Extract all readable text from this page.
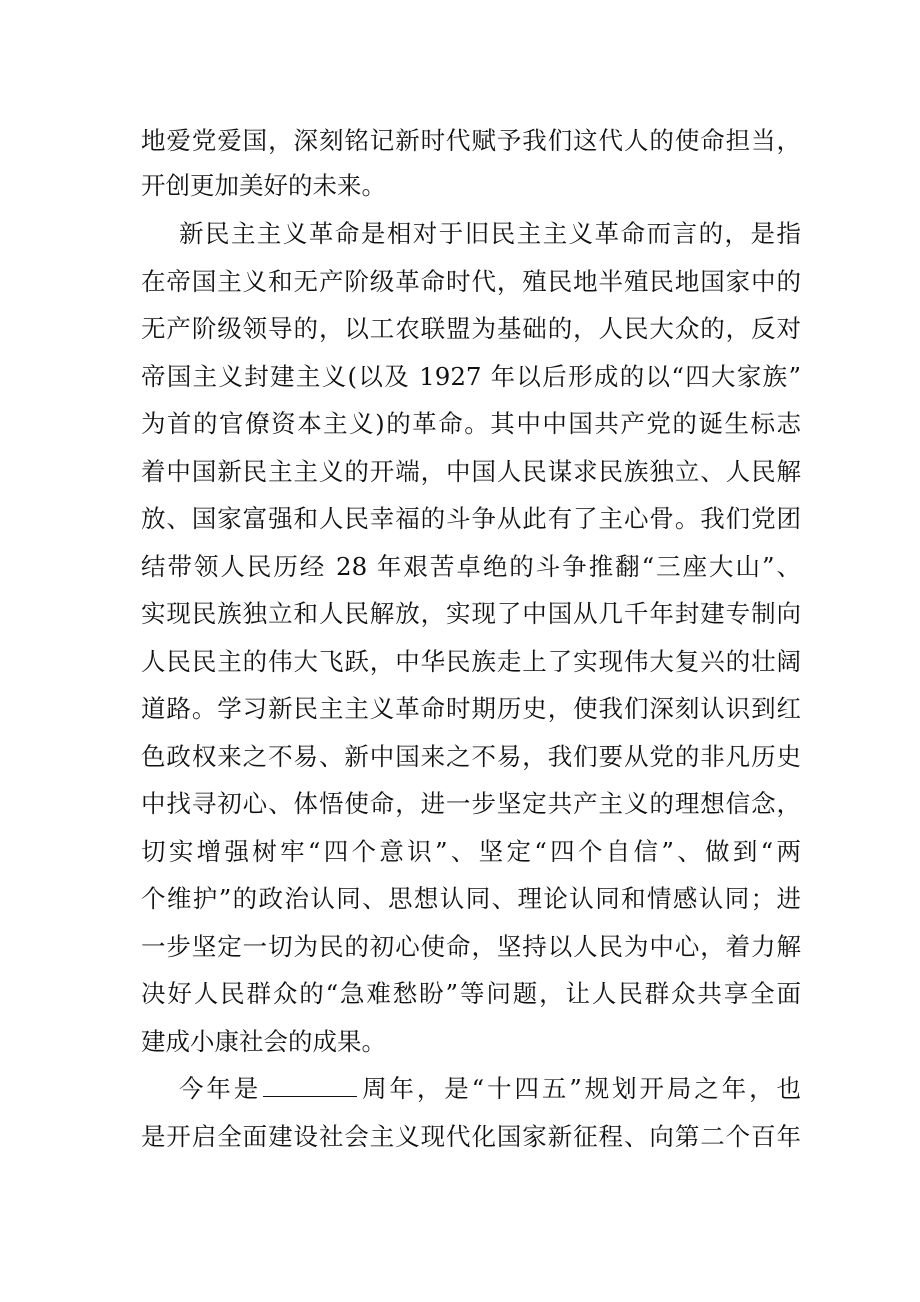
地爱党爱国，深刻铭记新时代赋予我们这代人的使命担当，
开创更加美好的未来。
新民主主义革命是相对于旧民主主义革命而言的，是指
在帝国主义和无产阶级革命时代，殖民地半殖民地国家中的
无产阶级领导的，以工农联盟为基础的，人民大众的，反对
帝国主义封建主义(以及 1927 年以后形成的以“四大家族”
为首的官僚资本主义)的革命。其中中国共产党的诞生标志
着中国新民主主义的开端，中国人民谋求民族独立、人民解
放、国家富强和人民幸福的斗争从此有了主心骨。我们党团
结带领人民历经 28 年艰苦卓绝的斗争推翻“三座大山”、
实现民族独立和人民解放，实现了中国从几千年封建专制向
人民民主的伟大飞跃，中华民族走上了实现伟大复兴的壮阔
道路。学习新民主主义革命时期历史，使我们深刻认识到红
色政权来之不易、新中国来之不易，我们要从党的非凡历史
中找寻初心、体悟使命，进一步坚定共产主义的理想信念，
切实增强树牢“四个意识”、坚定“四个自信”、做到“两
个维护”的政治认同、思想认同、理论认同和情感认同；进
一步坚定一切为民的初心使命，坚持以人民为中心，着力解
决好人民群众的“急难愁盼”等问题，让人民群众共享全面
建成小康社会的成果。
今年是	周年，是“十四五”规划开局之年，也
是开启全面建设社会主义现代化国家新征程、向第二个百年
